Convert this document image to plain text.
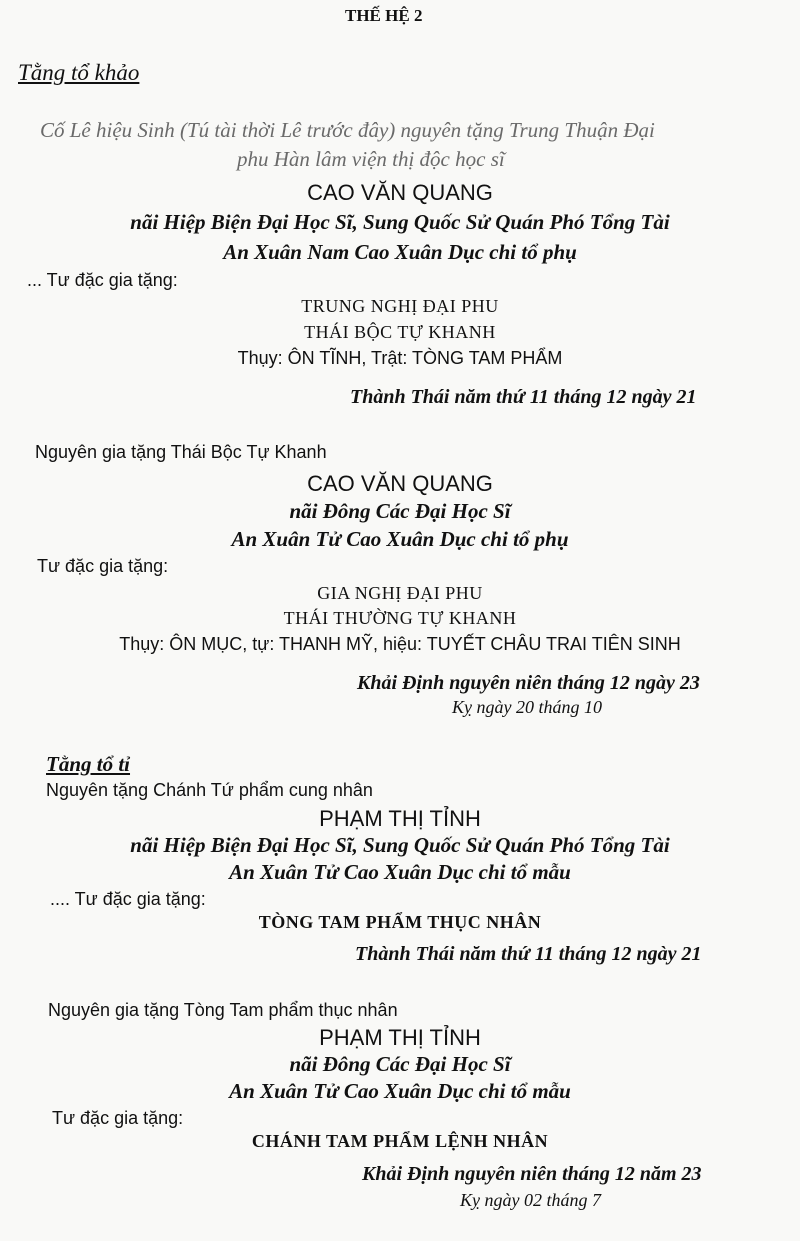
THẾ HỆ 2
Tằng tổ khảo
Cố Lê hiệu Sinh (Tú tài thời Lê trước đây) nguyên tặng Trung Thuận Đại
phu Hàn lâm viện thị độc học sĩ
CAO VĂN QUANG
nãi Hiệp Biện Đại Học Sĩ, Sung Quốc Sử Quán Phó Tổng Tài
An Xuân Nam Cao Xuân Dục chi tổ phụ
... Tư đặc gia tặng:
TRUNG NGHỊ ĐẠI PHU
THÁI BỘC TỰ KHANH
Thụy: ÔN TĨNH, Trật: TÒNG TAM PHẨM
Thành Thái năm thứ 11 tháng 12 ngày 21
Nguyên gia tặng Thái Bộc Tự Khanh
CAO VĂN QUANG
nãi Đông Các Đại Học Sĩ
An Xuân Tử Cao Xuân Dục chi tổ phụ
Tư đặc gia tặng:
GIA NGHỊ ĐẠI PHU
THÁI THƯỜNG TỰ KHANH
Thụy: ÔN MỤC, tự: THANH MỸ, hiệu: TUYẾT CHÂU TRAI TIÊN SINH
Khải Định nguyên niên tháng 12 ngày 23
Kỵ ngày 20 tháng 10
Tằng tổ tỉ
Nguyên tặng Chánh Tứ phẩm cung nhân
PHẠM THỊ TỈNH
nãi Hiệp Biện Đại Học Sĩ, Sung Quốc Sử Quán Phó Tổng Tài
An Xuân Tử Cao Xuân Dục chi tổ mẫu
.... Tư đặc gia tặng:
TÒNG TAM PHẨM THỤC NHÂN
Thành Thái năm thứ 11 tháng 12 ngày 21
Nguyên gia tặng Tòng Tam phẩm thục nhân
PHẠM THỊ TỈNH
nãi Đông Các Đại Học Sĩ
An Xuân Tử Cao Xuân Dục chi tổ mẫu
Tư đặc gia tặng:
CHÁNH TAM PHẨM LỆNH NHÂN
Khải Định nguyên niên tháng 12 năm 23
Kỵ ngày 02 tháng 7
